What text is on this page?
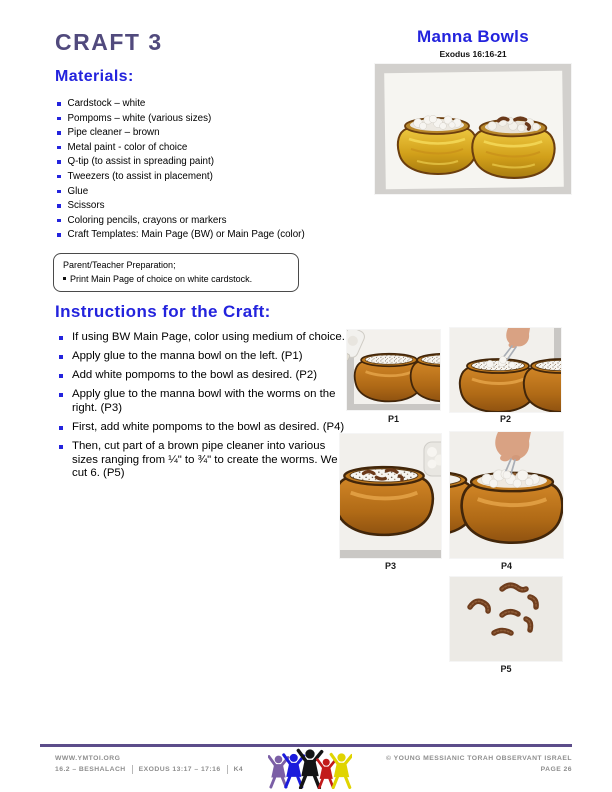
CRAFT 3	Manna Bowls
Exodus 16:16-21
Materials:
Cardstock – white
Pompoms – white (various sizes)
Pipe cleaner – brown
Metal paint - color of choice
Q-tip (to assist in spreading paint)
Tweezers (to assist in placement)
Glue
Scissors
Coloring pencils, crayons or markers
Craft Templates: Main Page (BW) or Main Page (color)
Parent/Teacher Preparation;
Print Main Page of choice on white cardstock.
Instructions for the Craft:
If using BW Main Page, color using medium of choice.
Apply glue to the manna bowl on the left. (P1)
Add white pompoms to the bowl as desired. (P2)
Apply glue to the manna bowl with the worms on the right. (P3)
First, add white pompoms to the bowl as desired. (P4)
Then, cut part of a brown pipe cleaner into various sizes ranging from ¼" to ¾" to create the worms. We cut 6. (P5)
P1	P2
P3	P4
P5
WWW.YMTOI.ORG
16.2 – BESHALACH EXODUS 13:17 – 17:16 K4
© YOUNG MESSIANIC TORAH OBSERVANT ISRAEL
PAGE 26
